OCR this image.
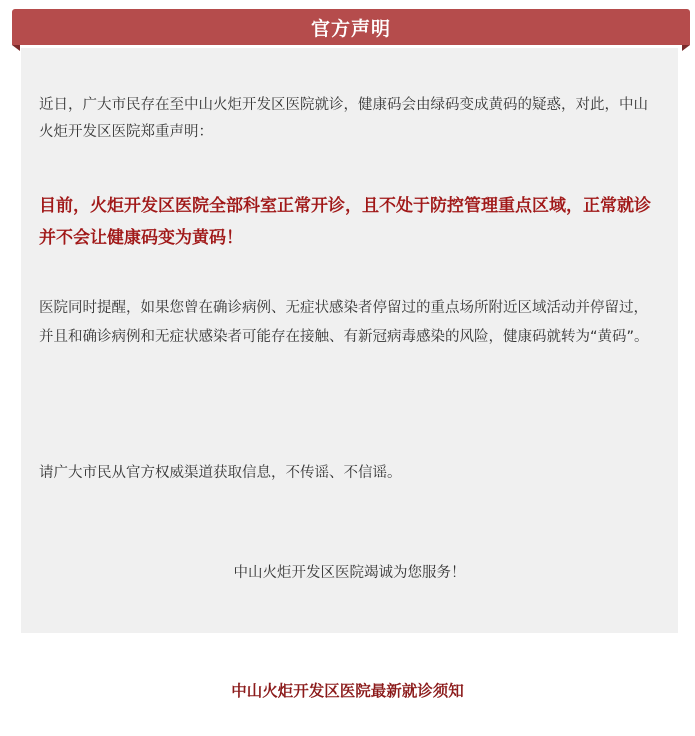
官方声明

近日，广大市民存在至中山火炬开发区医院就诊，健康码会由绿码变成黄码的疑惑，对此，中山火炬开发区医院郑重声明：

目前，火炬开发区医院全部科室正常开诊，且不处于防控管理重点区域，正常就诊并不会让健康码变为黄码！

医院同时提醒，如果您曾在确诊病例、无症状感染者停留过的重点场所附近区域活动并停留过，并且和确诊病例和无症状感染者可能存在接触、有新冠病毒感染的风险，健康码就转为“黄码”。

请广大市民从官方权威渠道获取信息，不传谣、不信谣。

中山火炬开发区医院竭诚为您服务！

中山火炬开发区医院最新就诊须知
